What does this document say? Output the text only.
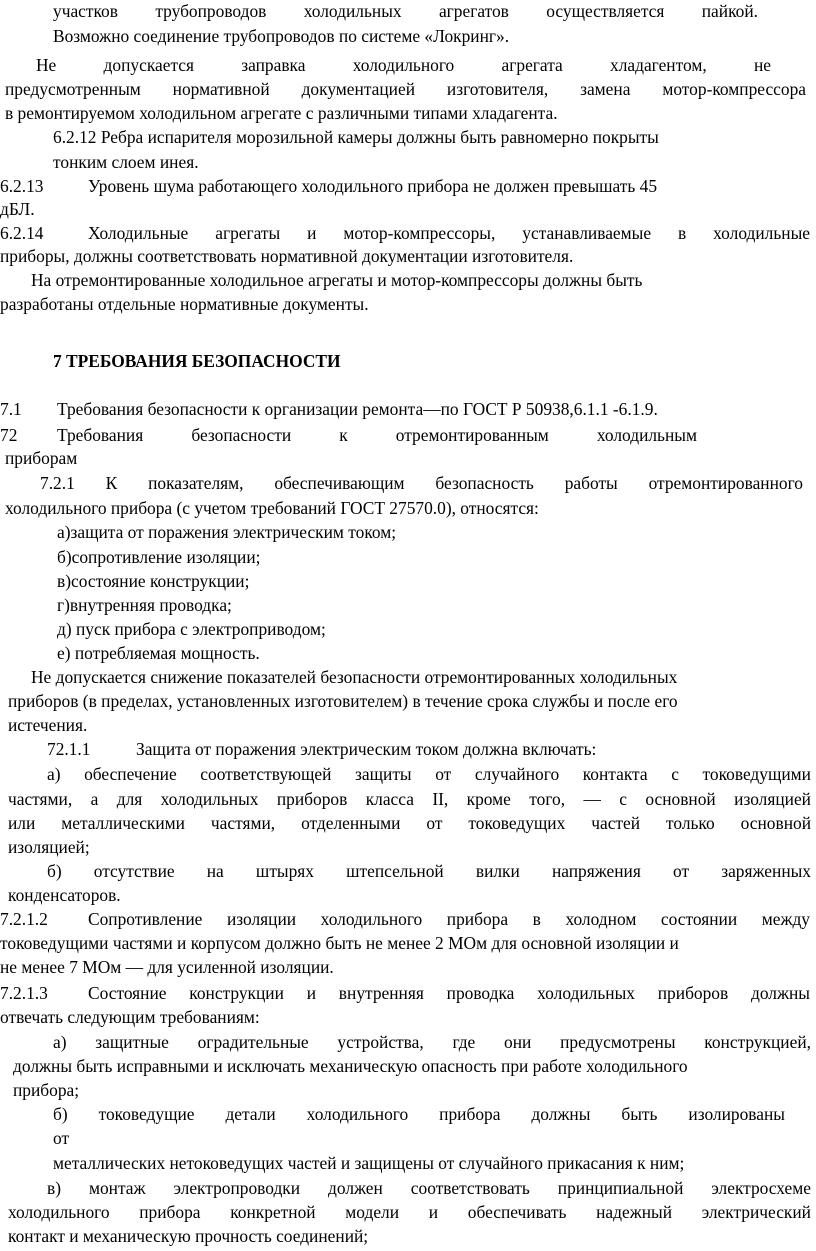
участков трубопроводов холодильных агрегатов осуществляется пайкой.
Возможно соединение трубопроводов по системе «Локринг».
Не допускается заправка холодильного агрегата хладагентом, не
предусмотренным нормативной документацией изготовителя, замена мотор-компрессора
в ремонтируемом холодильном агрегате с различными типами хладагента.
6.2.12 Ребра испарителя морозильной камеры должны быть равномерно покрыты
тонким слоем инея.
6.2.13	Уровень шума работающего холодильного прибора не должен превышать 45
дБЛ.
6.2.14	Холодильные агрегаты и мотор-компрессоры, устанавливаемые в холодильные
приборы, должны соответствовать нормативной документации изготовителя.
На отремонтированные холодильное агрегаты и мотор-компрессоры должны быть
разработаны отдельные нормативные документы.
7 ТРЕБОВАНИЯ БЕЗОПАСНОСТИ
7.1 Требования безопасности к организации ремонта—по ГОСТ Р 50938,6.1.1 -6.1.9.
72 Требования безопасности к отремонтированным холодильным
приборам
7.2.1 К показателям, обеспечивающим безопасность работы отремонтированного
холодильного прибора (с учетом требований ГОСТ 27570.0), относятся:
а)защита от поражения электрическим током;
б)сопротивление изоляции;
в)состояние конструкции;
г)внутренняя проводка;
д) пуск прибора с электроприводом;
е) потребляемая мощность.
Не допускается снижение показателей безопасности отремонтированных холодильных
приборов (в пределах, установленных изготовителем) в течение срока службы и после его
истечения.
72.1.1	Защита от поражения электрическим током должна включать:
а) обеспечение соответствующей защиты от случайного контакта с токоведущими
частями, а для холодильных приборов класса II, кроме того, — с основной изоляцией
или металлическими частями, отделенными от токоведущих частей только основной
изоляцией;
б) отсутствие на штырях штепсельной вилки напряжения от заряженных
конденсаторов.
7.2.1.2 Сопротивление изоляции холодильного прибора в холодном состоянии между
токоведущими частями и корпусом должно быть не менее 2 МОм для основной изоляции и
не менее 7 МОм — для усиленной изоляции.
7.2.1.3 Состояние конструкции и внутренняя проводка холодильных приборов должны
отвечать следующим требованиям:
а) защитные оградительные устройства, где они предусмотрены конструкцией,
должны быть исправными и исключать механическую опасность при работе холодильного
прибора;
б) токоведущие детали холодильного прибора должны быть изолированы
от
металлических нетоковедущих частей и защищены от случайного прикасания к ним;
в) монтаж электропроводки должен соответствовать принципиальной электросхеме
холодильного прибора конкретной модели и обеспечивать надежный электрический
контакт и механическую прочность соединений;
